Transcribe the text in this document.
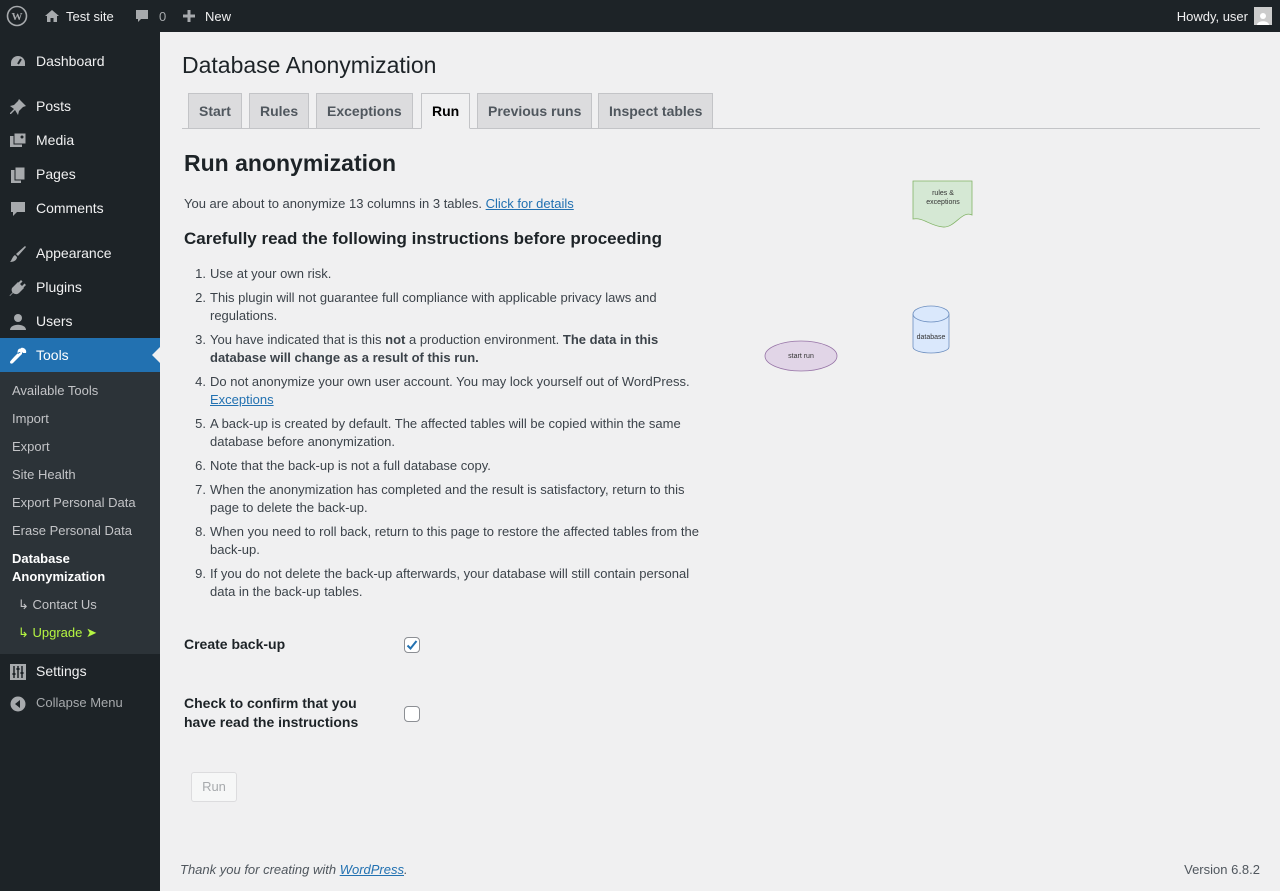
W	Test site	0	New	Howdy, user
Dashboard
Posts
Media
Pages
Comments
Appearance
Plugins
Users
Tools
Available Tools
Import
Export
Site Health
Export Personal Data
Erase Personal Data
Database Anonymization
↳ Contact Us
↳ Upgrade ➤
Settings
Collapse Menu
Database Anonymization
Start	Rules	Exceptions	Run	Previous runs	Inspect tables
Run anonymization
You are about to anonymize 13 columns in 3 tables. Click for details
Carefully read the following instructions before proceeding
1. Use at your own risk.
2. This plugin will not guarantee full compliance with applicable privacy laws and regulations.
3. You have indicated that is this not a production environment. The data in this database will change as a result of this run.
4. Do not anonymize your own user account. You may lock yourself out of WordPress. Exceptions
5. A back-up is created by default. The affected tables will be copied within the same database before anonymization.
6. Note that the back-up is not a full database copy.
7. When the anonymization has completed and the result is satisfactory, return to this page to delete the back-up.
8. When you need to roll back, return to this page to restore the affected tables from the back-up.
9. If you do not delete the back-up afterwards, your database will still contain personal data in the back-up tables.
Create back-up
Check to confirm that you have read the instructions
Run
rules &
exceptions
database
start run
Thank you for creating with WordPress.	Version 6.8.2
